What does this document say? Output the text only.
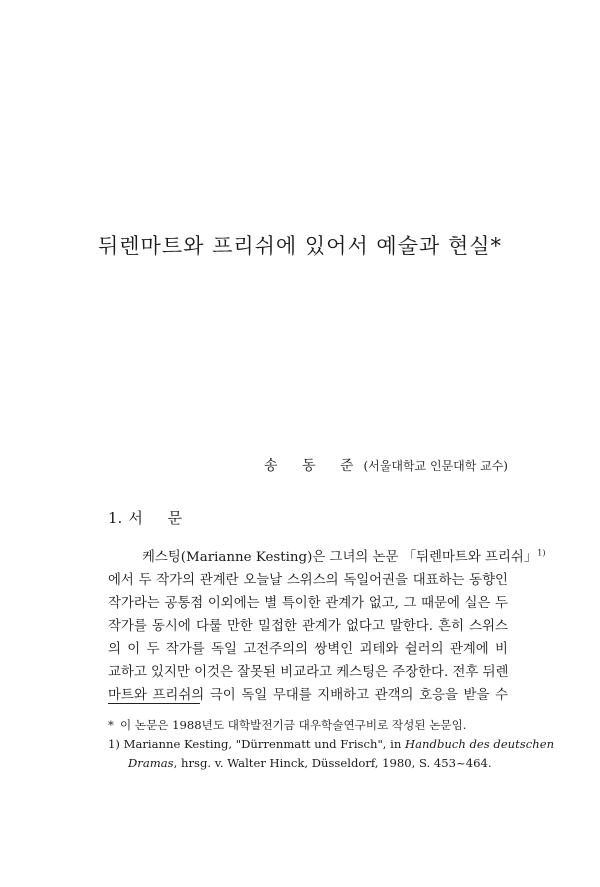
뒤렌마트와 프리쉬에 있어서 예술과 현실*
송 동 준(서울대학교 인문대학 교수)
1. 서 문
케스팅(Marianne Kesting)은 그녀의 논문 「뒤렌마트와 프리쉬」$^{1)}$
에서 두 작가의 관계란 오늘날 스위스의 독일어권을 대표하는 동향인
작가라는 공통점 이외에는 별 특이한 관계가 없고, 그 때문에 실은 두
작가를 동시에 다룰 만한 밀접한 관계가 없다고 말한다. 흔히 스위스
의 이 두 작가를 독일 고전주의의 쌍벽인 괴테와 쉴러의 관계에 비
교하고 있지만 이것은 잘못된 비교라고 케스팅은 주장한다. 전후 뒤렌
마트와 프리쉬의 극이 독일 무대를 지배하고 관객의 호응을 받을 수
* 이 논문은 1988년도 대학발전기금 대우학술연구비로 작성된 논문임.
1) Marianne Kesting, "Dürrenmatt und Frisch", in Handbuch des deutschen
Dramas, hrsg. v. Walter Hinck, Düsseldorf, 1980, S. 453~464.
